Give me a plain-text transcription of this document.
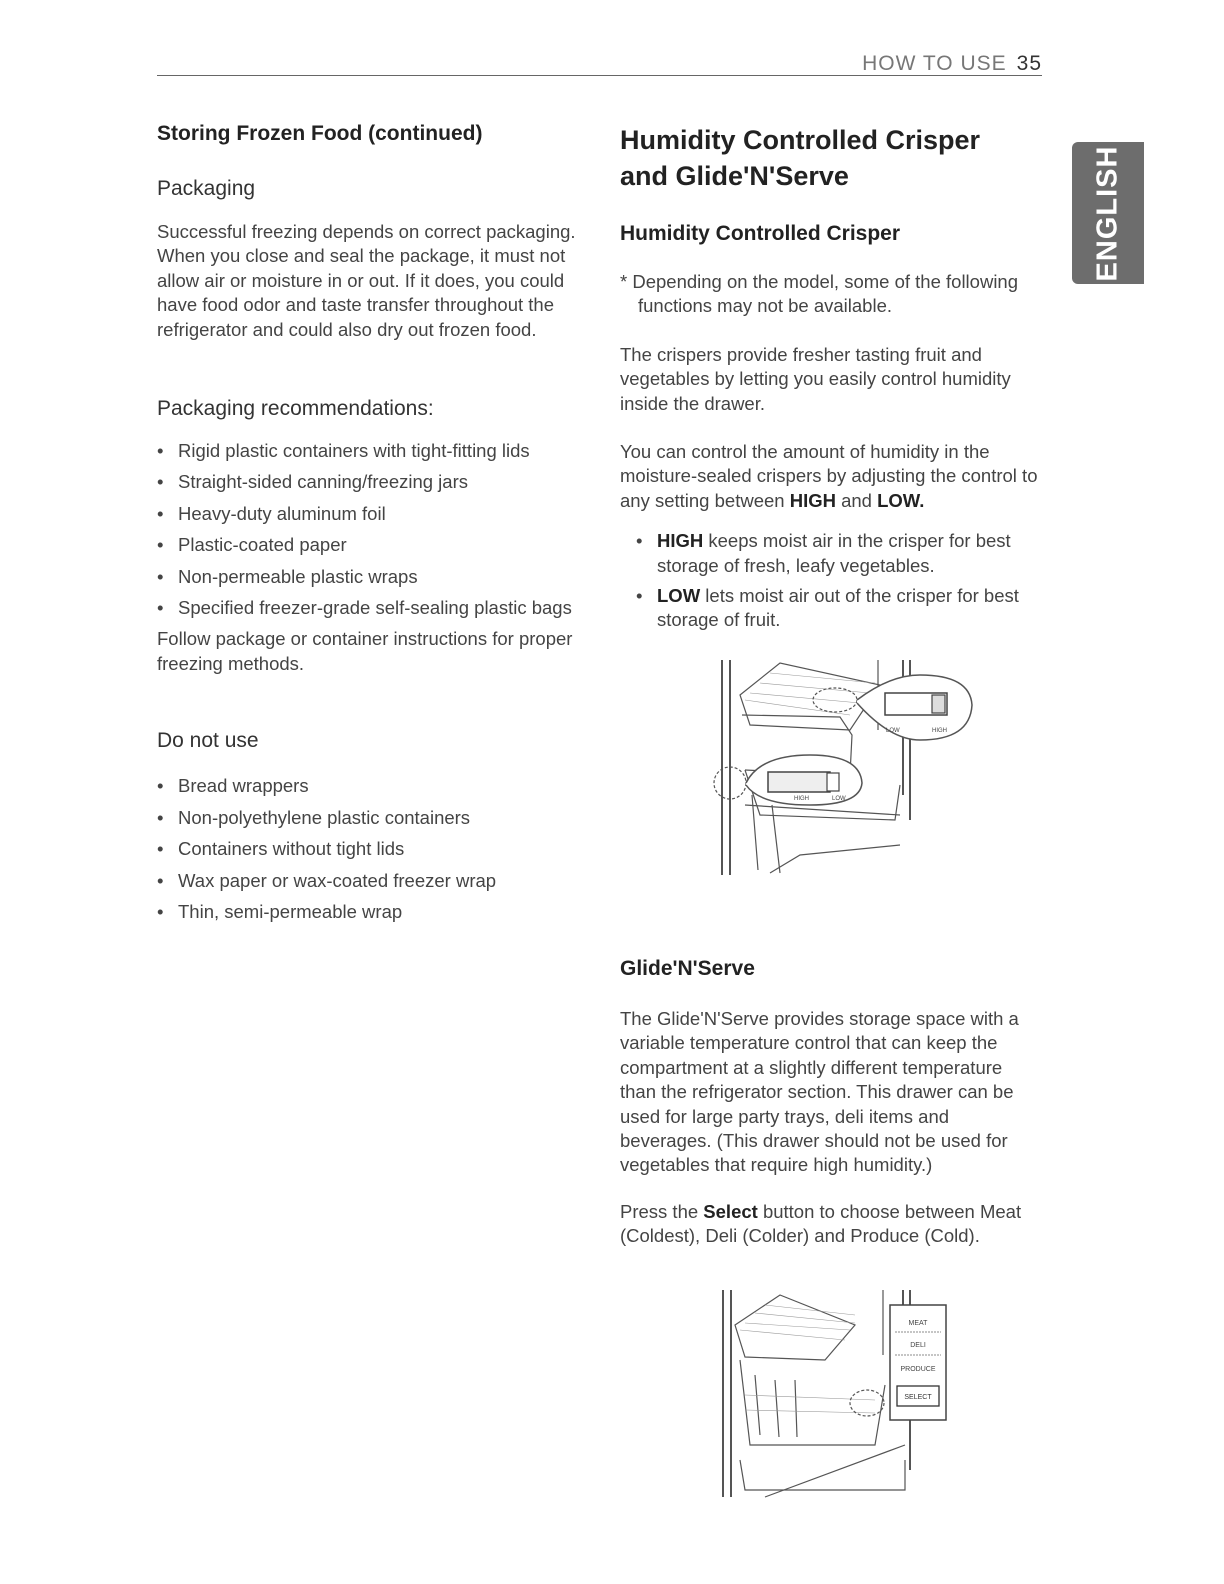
HOW TO USE 35
ENGLISH
Storing Frozen Food (continued)
Packaging

Successful freezing depends on correct packaging. When you close and seal the package, it must not allow air or moisture in or out. If it does, you could have food odor and taste transfer throughout the refrigerator and could also dry out frozen food.

Packaging recommendations:
• Rigid plastic containers with tight-fitting lids
• Straight-sided canning/freezing jars
• Heavy-duty aluminum foil
• Plastic-coated paper
• Non-permeable plastic wraps
• Specified freezer-grade self-sealing plastic bags

Follow package or container instructions for proper freezing methods.

Do not use
• Bread wrappers
• Non-polyethylene plastic containers
• Containers without tight lids
• Wax paper or wax-coated freezer wrap
• Thin, semi-permeable wrap
Humidity Controlled Crisper and Glide'N'Serve
Humidity Controlled Crisper

* Depending on the model, some of the following functions may not be available.

The crispers provide fresher tasting fruit and vegetables by letting you easily control humidity inside the drawer.

You can control the amount of humidity in the moisture-sealed crispers by adjusting the control to any setting between HIGH and LOW.

• HIGH keeps moist air in the crisper for best storage of fresh, leafy vegetables.
• LOW lets moist air out of the crisper for best storage of fruit.
LOW	HIGH
HIGH	LOW
Glide'N'Serve

The Glide'N'Serve provides storage space with a variable temperature control that can keep the compartment at a slightly different temperature than the refrigerator section. This drawer can be used for large party trays, deli items and beverages. (This drawer should not be used for vegetables that require high humidity.)

Press the Select button to choose between Meat (Coldest), Deli (Colder) and Produce (Cold).

MEAT
DELI
PRODUCE
SELECT
